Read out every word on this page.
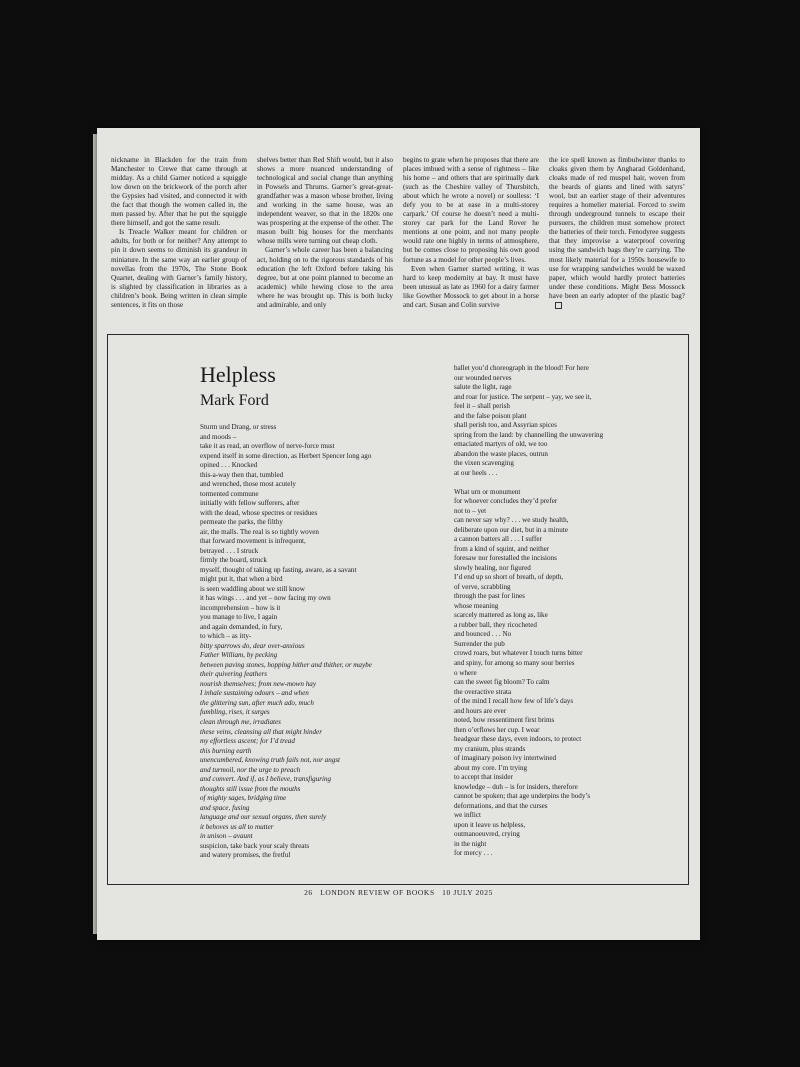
nickname in Blackden for the train from Manchester to Crewe that came through at midday. As a child Garner noticed a squiggle low down on the brickwork of the porch after the Gypsies had visited, and connected it with the fact that though the women called in, the men passed by. After that he put the squiggle there himself, and got the same result.

Is Treacle Walker meant for children or adults, for both or for neither? Any attempt to pin it down seems to diminish its grandeur in miniature. In the same way an earlier group of novellas from the 1970s, The Stone Book Quartet, dealing with Garner’s family history, is slighted by classification in libraries as a children’s book. Being written in clean simple sentences, it fits on those

shelves better than Red Shift would, but it also shows a more nuanced understanding of technological and social change than anything in Powsels and Thrums. Garner’s great-great-grandfather was a mason whose brother, living and working in the same house, was an independent weaver, so that in the 1820s one was prospering at the expense of the other. The mason built big houses for the merchants whose mills were turning out cheap cloth.

Garner’s whole career has been a balancing act, holding on to the rigorous standards of his education (he left Oxford before taking his degree, but at one point planned to become an academic) while hewing close to the area where he was brought up. This is both lucky and admirable, and only

begins to grate when he proposes that there are places imbued with a sense of rightness – like his home – and others that are spiritually dark (such as the Cheshire valley of Thursbitch, about which he wrote a novel) or soulless: ‘I defy you to be at ease in a multi-storey carpark.’ Of course he doesn’t need a multi-storey car park for the Land Rover he mentions at one point, and not many people would rate one highly in terms of atmosphere, but he comes close to proposing his own good fortune as a model for other people’s lives.

Even when Garner started writing, it was hard to keep modernity at bay. It must have been unusual as late as 1960 for a dairy farmer like Gowther Mossock to get about in a horse and cart. Susan and Colin survive

the ice spell known as fimbulwinter thanks to cloaks given them by Angharad Goldenhand, cloaks made of red muspel hair, woven from the beards of giants and lined with satyrs’ wool, but an earlier stage of their adventures requires a homelier material. Forced to swim through underground tunnels to escape their pursuers, the children must somehow protect the batteries of their torch. Fenodyree suggests that they improvise a waterproof covering using the sandwich bags they’re carrying. The most likely material for a 1950s housewife to use for wrapping sandwiches would be waxed paper, which would hardly protect batteries under these conditions. Might Bess Mossock have been an early adopter of the plastic bag?

Helpless
Mark Ford
Sturm und Drang, or stress
and moods –
take it as read, an overflow of nerve-force must
expend itself in some direction, as Herbert Spencer long ago
opined . . . Knocked
this-a-way then that, tumbled
and wrenched, those most acutely
tormented commune
initially with fellow sufferers, after
with the dead, whose spectres or residues
permeate the parks, the filthy
air, the malls. The real is so tightly woven
that forward movement is infrequent,
betrayed . . . I struck
firmly the board, struck
myself, thought of taking up fasting, aware, as a savant
might put it, that when a bird
is seen waddling about we still know
it has wings . . . and yet – now facing my own
incomprehension – how is it
you manage to live, I again
and again demanded, in fury,
to which – as itty-
bitty sparrows do, dear over-anxious
Father William, by pecking
between paving stones, hopping hither and thither, or maybe
their quivering feathers
nourish themselves; from new-mown hay
I inhale sustaining odours – and when
the glittering sun, after much ado, much
fumbling, rises, it surges
clean through me, irradiates
these veins, cleansing all that might hinder
my effortless ascent; for I’d tread
this burning earth
unencumbered, knowing truth fails not, nor angst
and turmoil, nor the urge to preach
and convert. And if, as I believe, transfiguring
thoughts still issue from the mouths
of mighty sages, bridging time
and space, fusing
language and our sexual organs, then surely
it behoves us all to mutter
in unison – avaunt
suspicion, take back your scaly threats
and watery promises, the fretful
ballet you’d choreograph in the blood! For here
our wounded nerves
salute the light, rage
and roar for justice. The serpent – yay, we see it,
feel it – shall perish
and the false poison plant
shall perish too, and Assyrian spices
spring from the land: by channelling the unwavering
emaciated martyrs of old, we too
abandon the waste places, outrun
the vixen scavenging
at our heels . . .
What urn or monument
for whoever concludes they’d prefer
not to – yet
can never say why? . . . we study health,
deliberate upon our diet, but in a minute
a cannon batters all . . . I suffer
from a kind of squint, and neither
foresaw nor forestalled the incisions
slowly healing, nor figured
I’d end up so short of breath, of depth,
of verve, scrabbling
through the past for lines
whose meaning
scarcely mattered as long as, like
a rubber ball, they ricocheted
and bounced . . . No
Surrender the pub
crowd roars, but whatever I touch turns bitter
and spiny, for among so many sour berries
o where
can the sweet fig bloom? To calm
the overactive strata
of the mind I recall how few of life’s days
and hours are ever
noted, how ressentiment first brims
then o’erflows her cup. I wear
headgear these days, even indoors, to protect
my cranium, plus strands
of imaginary poison ivy intertwined
about my core. I’m trying
to accept that insider
knowledge – duh – is for insiders, therefore
cannot be spoken; that age underpins the body’s
deformations, and that the curses
we inflict
upon it leave us helpless,
outmanoeuvred, crying
in the night
for mercy . . .
26 LONDON REVIEW OF BOOKS 10 JULY 2025
